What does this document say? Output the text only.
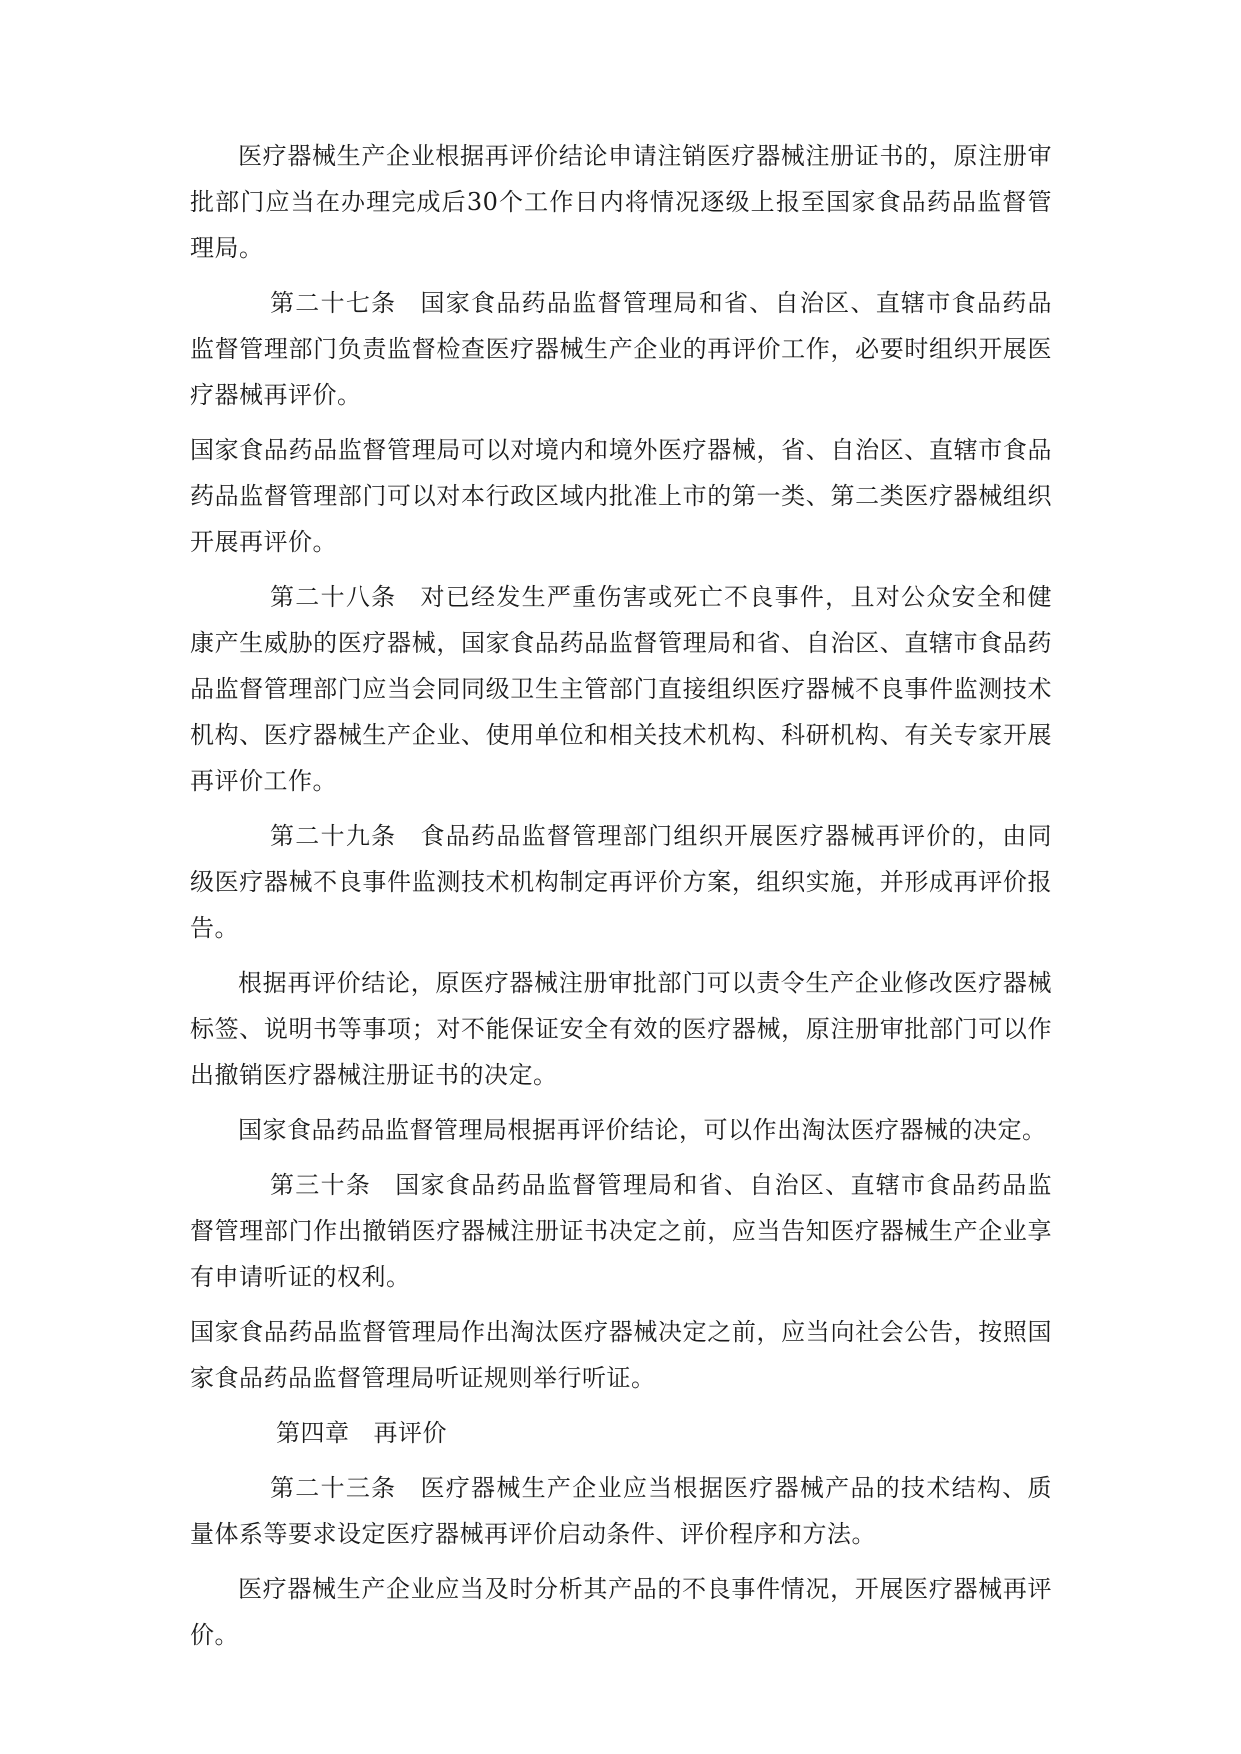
医疗器械生产企业根据再评价结论申请注销医疗器械注册证书的，原注册审批部门应当在办理完成后30个工作日内将情况逐级上报至国家食品药品监督管理局。

第二十七条 国家食品药品监督管理局和省、自治区、直辖市食品药品监督管理部门负责监督检查医疗器械生产企业的再评价工作，必要时组织开展医疗器械再评价。

国家食品药品监督管理局可以对境内和境外医疗器械，省、自治区、直辖市食品药品监督管理部门可以对本行政区域内批准上市的第一类、第二类医疗器械组织开展再评价。

第二十八条 对已经发生严重伤害或死亡不良事件，且对公众安全和健康产生威胁的医疗器械，国家食品药品监督管理局和省、自治区、直辖市食品药品监督管理部门应当会同同级卫生主管部门直接组织医疗器械不良事件监测技术机构、医疗器械生产企业、使用单位和相关技术机构、科研机构、有关专家开展再评价工作。

第二十九条 食品药品监督管理部门组织开展医疗器械再评价的，由同级医疗器械不良事件监测技术机构制定再评价方案，组织实施，并形成再评价报告。

根据再评价结论，原医疗器械注册审批部门可以责令生产企业修改医疗器械标签、说明书等事项；对不能保证安全有效的医疗器械，原注册审批部门可以作出撤销医疗器械注册证书的决定。

国家食品药品监督管理局根据再评价结论，可以作出淘汰医疗器械的决定。

第三十条 国家食品药品监督管理局和省、自治区、直辖市食品药品监督管理部门作出撤销医疗器械注册证书决定之前，应当告知医疗器械生产企业享有申请听证的权利。

国家食品药品监督管理局作出淘汰医疗器械决定之前，应当向社会公告，按照国家食品药品监督管理局听证规则举行听证。

第四章 再评价

第二十三条 医疗器械生产企业应当根据医疗器械产品的技术结构、质量体系等要求设定医疗器械再评价启动条件、评价程序和方法。

医疗器械生产企业应当及时分析其产品的不良事件情况，开展医疗器械再评价。
